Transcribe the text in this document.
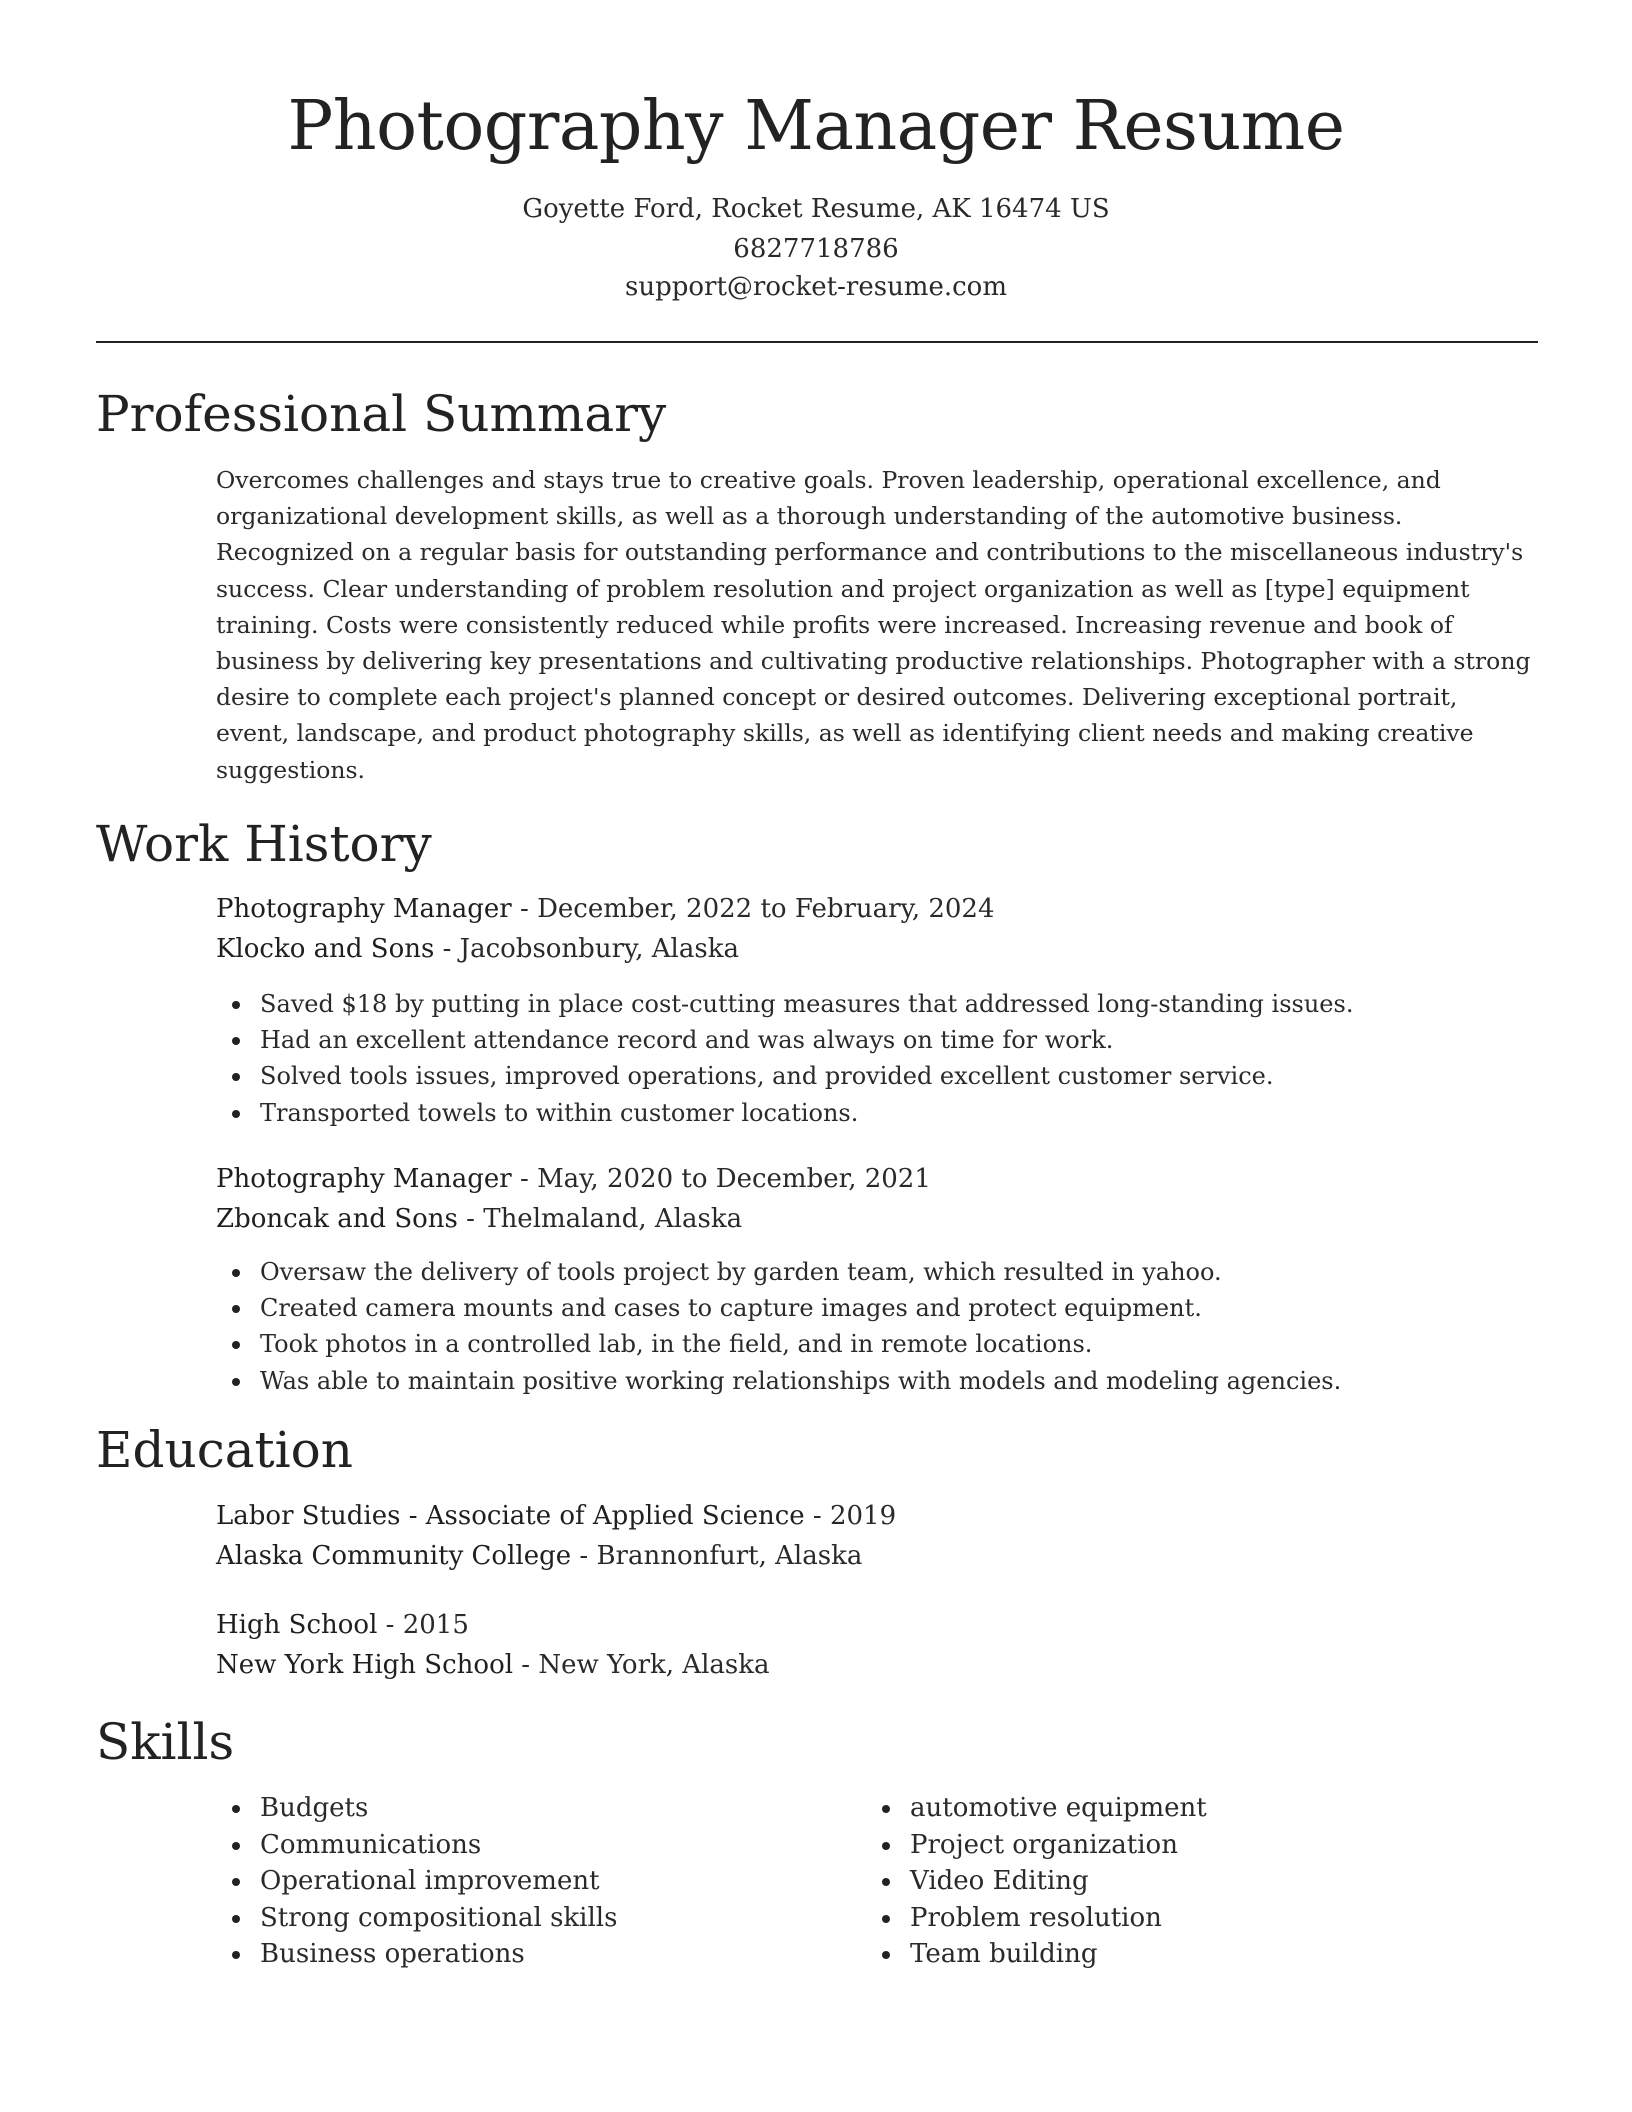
Photography Manager Resume
Goyette Ford, Rocket Resume, AK 16474 US
6827718786
support@rocket-resume.com
Professional Summary

Overcomes challenges and stays true to creative goals. Proven leadership, operational excellence, and organizational development skills, as well as a thorough understanding of the automotive business. Recognized on a regular basis for outstanding performance and contributions to the miscellaneous industry's success. Clear understanding of problem resolution and project organization as well as [type] equipment training. Costs were consistently reduced while profits were increased. Increasing revenue and book of business by delivering key presentations and cultivating productive relationships. Photographer with a strong desire to complete each project's planned concept or desired outcomes. Delivering exceptional portrait, event, landscape, and product photography skills, as well as identifying client needs and making creative suggestions.

Work History
Photography Manager - December, 2022 to February, 2024
Klocko and Sons - Jacobsonbury, Alaska
Saved $18 by putting in place cost-cutting measures that addressed long-standing issues.
Had an excellent attendance record and was always on time for work.
Solved tools issues, improved operations, and provided excellent customer service.
Transported towels to within customer locations.
Photography Manager - May, 2020 to December, 2021
Zboncak and Sons - Thelmaland, Alaska
Oversaw the delivery of tools project by garden team, which resulted in yahoo.
Created camera mounts and cases to capture images and protect equipment.
Took photos in a controlled lab, in the field, and in remote locations.
Was able to maintain positive working relationships with models and modeling agencies.
Education
Labor Studies - Associate of Applied Science - 2019
Alaska Community College - Brannonfurt, Alaska
High School - 2015
New York High School - New York, Alaska
Skills
Budgets
Communications
Operational improvement
Strong compositional skills
Business operations
automotive equipment
Project organization
Video Editing
Problem resolution
Team building
